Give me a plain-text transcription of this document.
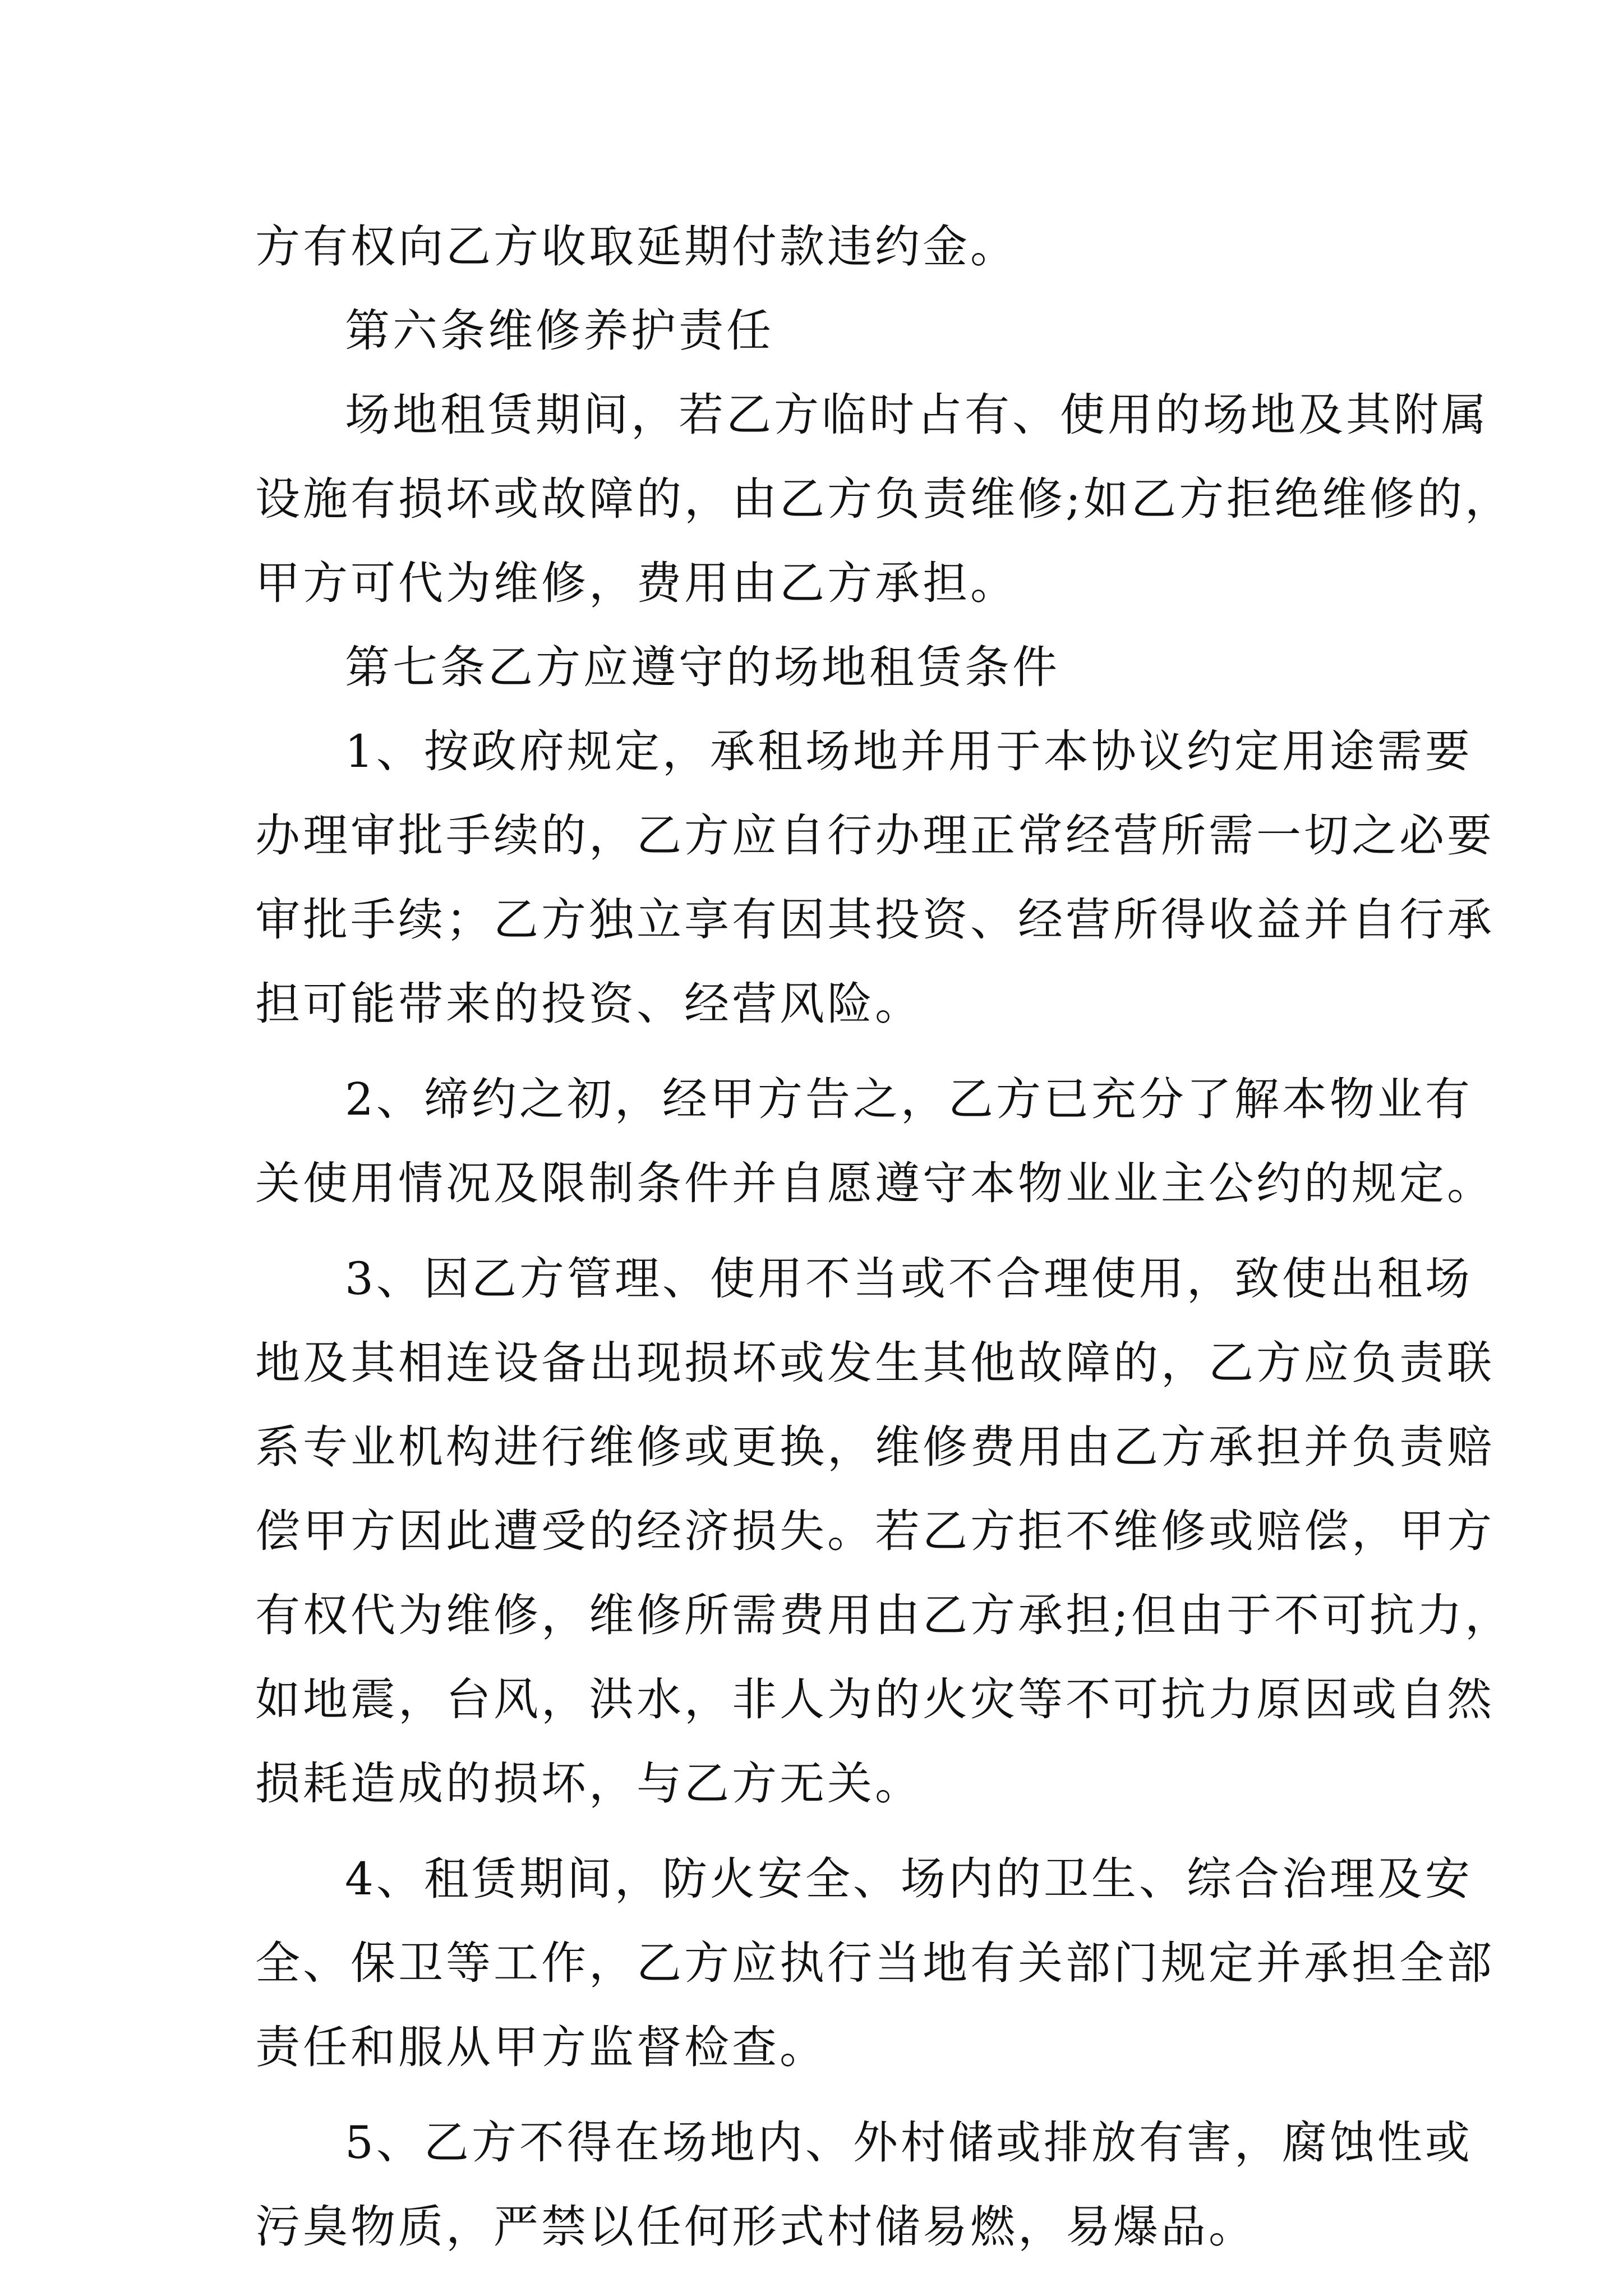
方有权向乙方收取延期付款违约金。
第六条维修养护责任
场地租赁期间，若乙方临时占有、使用的场地及其附属
设施有损坏或故障的，由乙方负责维修;如乙方拒绝维修的，
甲方可代为维修，费用由乙方承担。
第七条乙方应遵守的场地租赁条件
1、按政府规定，承租场地并用于本协议约定用途需要
办理审批手续的，乙方应自行办理正常经营所需一切之必要
审批手续；乙方独立享有因其投资、经营所得收益并自行承
担可能带来的投资、经营风险。
2、缔约之初，经甲方告之，乙方已充分了解本物业有
关使用情况及限制条件并自愿遵守本物业业主公约的规定。
3、因乙方管理、使用不当或不合理使用，致使出租场
地及其相连设备出现损坏或发生其他故障的，乙方应负责联
系专业机构进行维修或更换，维修费用由乙方承担并负责赔
偿甲方因此遭受的经济损失。若乙方拒不维修或赔偿，甲方
有权代为维修，维修所需费用由乙方承担;但由于不可抗力，
如地震，台风，洪水，非人为的火灾等不可抗力原因或自然
损耗造成的损坏，与乙方无关。
4、租赁期间，防火安全、场内的卫生、综合治理及安
全、保卫等工作，乙方应执行当地有关部门规定并承担全部
责任和服从甲方监督检查。
5、乙方不得在场地内、外村储或排放有害，腐蚀性或
污臭物质，严禁以任何形式村储易燃，易爆品。
